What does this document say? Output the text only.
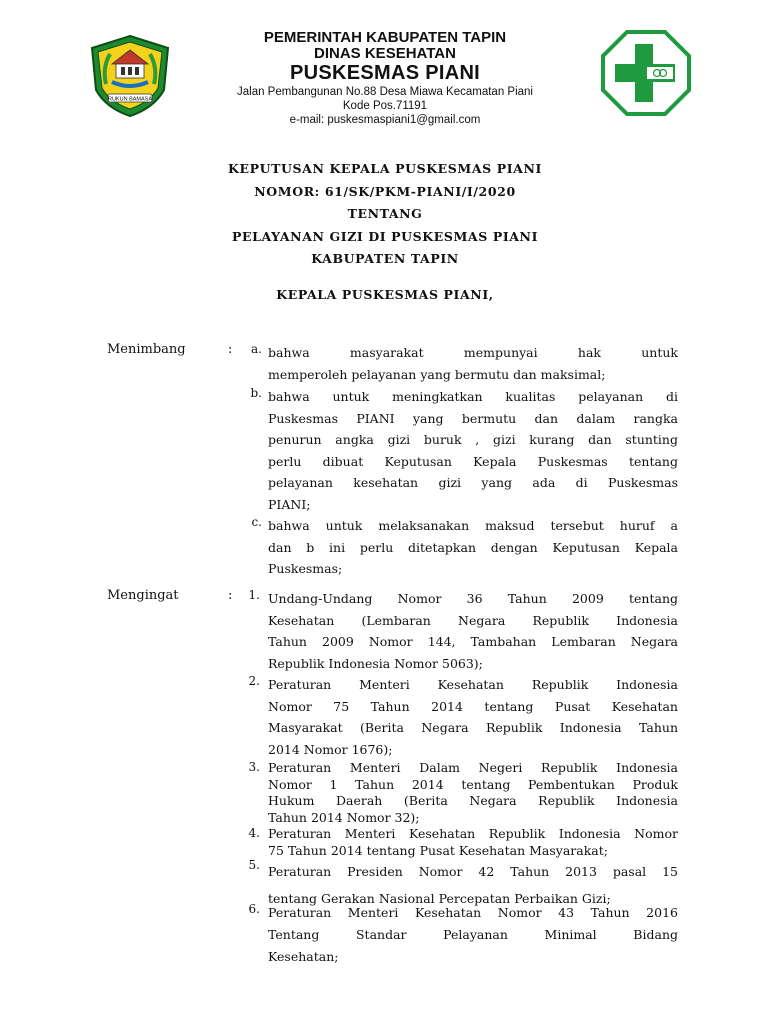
RUKUN BAMASA
PEMERINTAH KABUPATEN TAPIN
DINAS KESEHATAN
PUSKESMAS PIANI
Jalan Pembangunan No.88 Desa Miawa Kecamatan Piani
Kode Pos.71191
e-mail: puskesmaspiani1@gmail.com
KEPUTUSAN KEPALA PUSKESMAS PIANI
NOMOR: 61/SK/PKM-PIANI/I/2020
TENTANG
PELAYANAN GIZI DI PUSKESMAS PIANI
KABUPATEN TAPIN
KEPALA PUSKESMAS PIANI,
Menimbang	:
Mengingat	:
a. bahwa masyarakat mempunyai hak untuk
memperoleh pelayanan yang bermutu dan maksimal;
b. bahwa untuk meningkatkan kualitas pelayanan di
Puskesmas PIANI yang bermutu dan dalam rangka
penurun angka gizi buruk , gizi kurang dan stunting
perlu dibuat Keputusan Kepala Puskesmas tentang
pelayanan kesehatan gizi yang ada di Puskesmas
PIANI;
c. bahwa untuk melaksanakan maksud tersebut huruf a
dan b ini perlu ditetapkan dengan Keputusan Kepala
Puskesmas;
1. Undang-Undang Nomor 36 Tahun 2009 tentang
Kesehatan (Lembaran Negara Republik Indonesia
Tahun 2009 Nomor 144, Tambahan Lembaran Negara
Republik Indonesia Nomor 5063);
2. Peraturan Menteri Kesehatan Republik Indonesia
Nomor 75 Tahun 2014 tentang Pusat Kesehatan
Masyarakat (Berita Negara Republik Indonesia Tahun
2014 Nomor 1676);
3. Peraturan Menteri Dalam Negeri Republik Indonesia
Nomor 1 Tahun 2014 tentang Pembentukan Produk
Hukum Daerah (Berita Negara Republik Indonesia
Tahun 2014 Nomor 32);
4. Peraturan Menteri Kesehatan Republik Indonesia Nomor
75 Tahun 2014 tentang Pusat Kesehatan Masyarakat;
5. Peraturan Presiden Nomor 42 Tahun 2013 pasal 15
tentang Gerakan Nasional Percepatan Perbaikan Gizi;
6. Peraturan Menteri Kesehatan Nomor 43 Tahun 2016
Tentang Standar Pelayanan Minimal Bidang
Kesehatan;
